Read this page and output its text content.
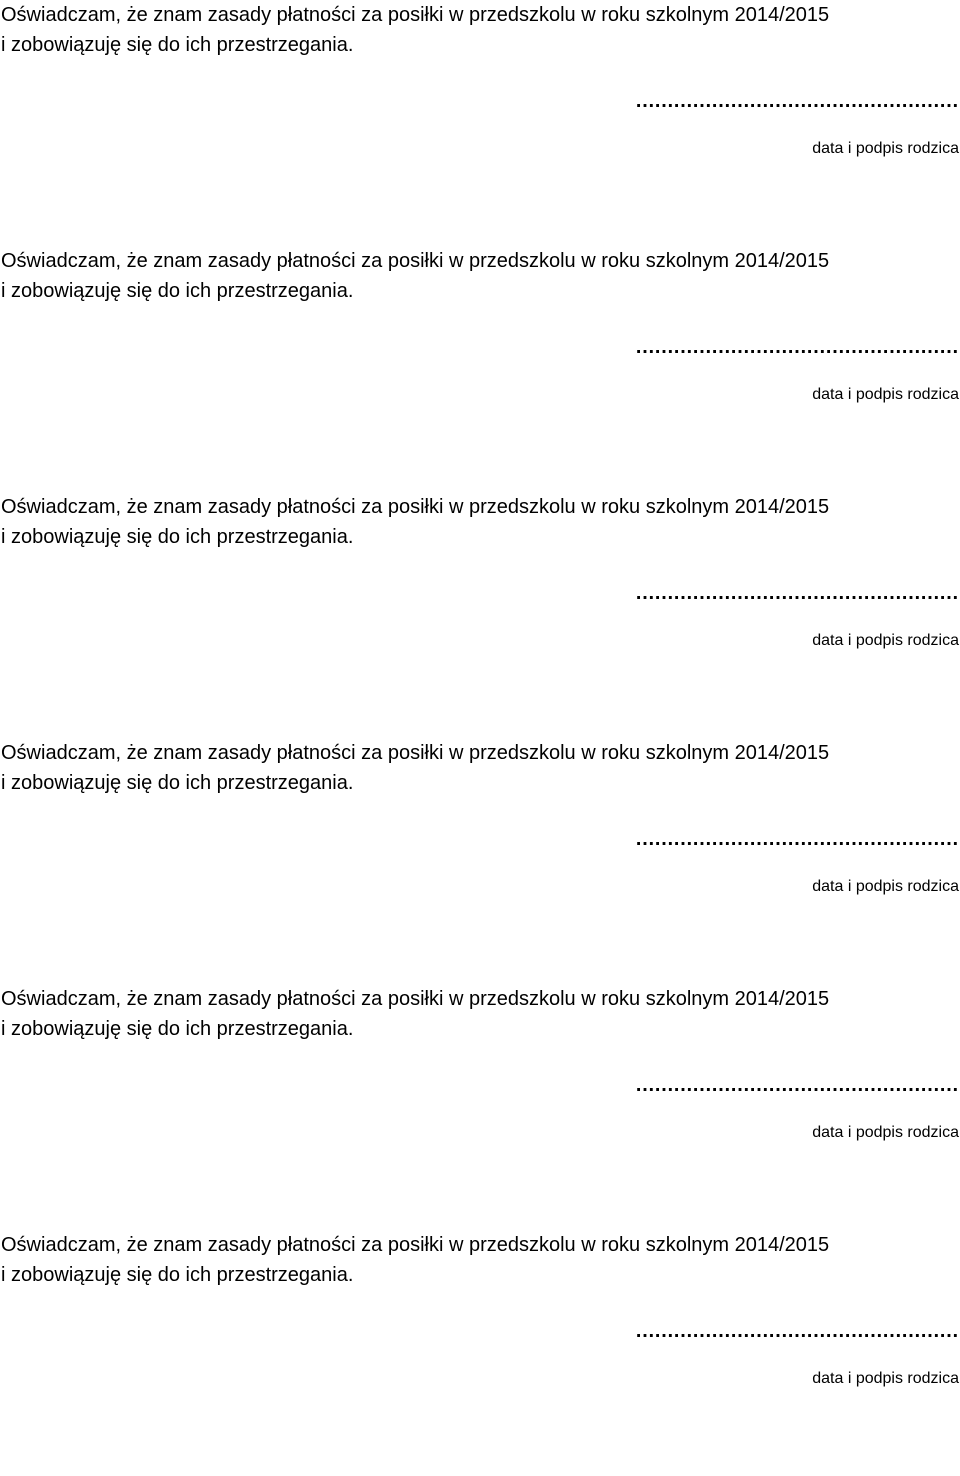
Oświadczam, że znam zasady płatności za posiłki w przedszkolu w roku szkolnym 2014/2015
i zobowiązuję się do ich przestrzegania.
……………………………………………
data i podpis rodzica
Oświadczam, że znam zasady płatności za posiłki w przedszkolu w roku szkolnym 2014/2015
i zobowiązuję się do ich przestrzegania.
……………………………………………
data i podpis rodzica
Oświadczam, że znam zasady płatności za posiłki w przedszkolu w roku szkolnym 2014/2015
i zobowiązuję się do ich przestrzegania.
……………………………………………
data i podpis rodzica
Oświadczam, że znam zasady płatności za posiłki w przedszkolu w roku szkolnym 2014/2015
i zobowiązuję się do ich przestrzegania.
……………………………………………
data i podpis rodzica
Oświadczam, że znam zasady płatności za posiłki w przedszkolu w roku szkolnym 2014/2015
i zobowiązuję się do ich przestrzegania.
……………………………………………
data i podpis rodzica
Oświadczam, że znam zasady płatności za posiłki w przedszkolu w roku szkolnym 2014/2015
i zobowiązuję się do ich przestrzegania.
……………………………………………
data i podpis rodzica
